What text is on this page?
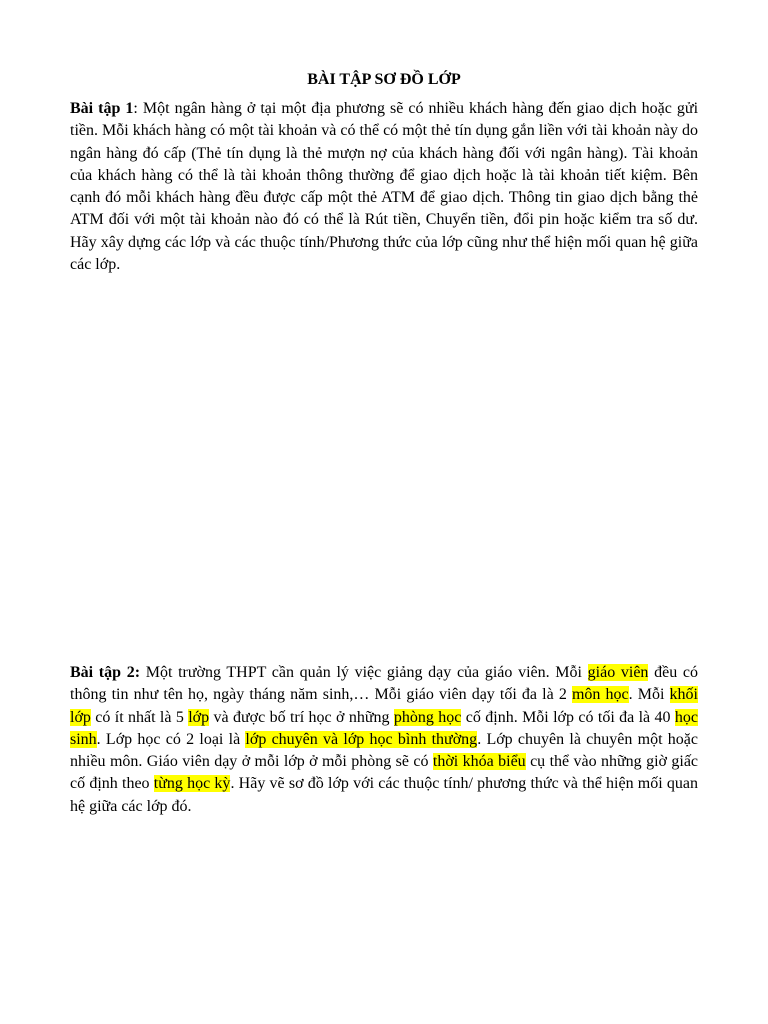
BÀI TẬP SƠ ĐỒ LỚP

Bài tập 1: Một ngân hàng ở tại một địa phương sẽ có nhiều khách hàng đến giao dịch hoặc gửi tiền. Mỗi khách hàng có một tài khoản và có thể có một thẻ tín dụng gắn liền với tài khoản này do ngân hàng đó cấp (Thẻ tín dụng là thẻ mượn nợ của khách hàng đối với ngân hàng). Tài khoản của khách hàng có thể là tài khoản thông thường để giao dịch hoặc là tài khoản tiết kiệm. Bên cạnh đó mỗi khách hàng đều được cấp một thẻ ATM để giao dịch. Thông tin giao dịch bằng thẻ ATM đối với một tài khoản nào đó có thể là Rút tiền, Chuyển tiền, đổi pin hoặc kiểm tra số dư. Hãy xây dựng các lớp và các thuộc tính/Phương thức của lớp cũng như thể hiện mối quan hệ giữa các lớp.

Bài tập 2: Một trường THPT cần quản lý việc giảng dạy của giáo viên. Mỗi giáo viên đều có thông tin như tên họ, ngày tháng năm sinh,… Mỗi giáo viên dạy tối đa là 2 môn học. Mỗi khối lớp có ít nhất là 5 lớp và được bố trí học ở những phòng học cố định. Mỗi lớp có tối đa là 40 học sinh. Lớp học có 2 loại là lớp chuyên và lớp học bình thường. Lớp chuyên là chuyên một hoặc nhiều môn. Giáo viên dạy ở mỗi lớp ở mỗi phòng sẽ có thời khóa biểu cụ thể vào những giờ giấc cố định theo từng học kỳ. Hãy vẽ sơ đồ lớp với các thuộc tính/ phương thức và thể hiện mối quan hệ giữa các lớp đó.
